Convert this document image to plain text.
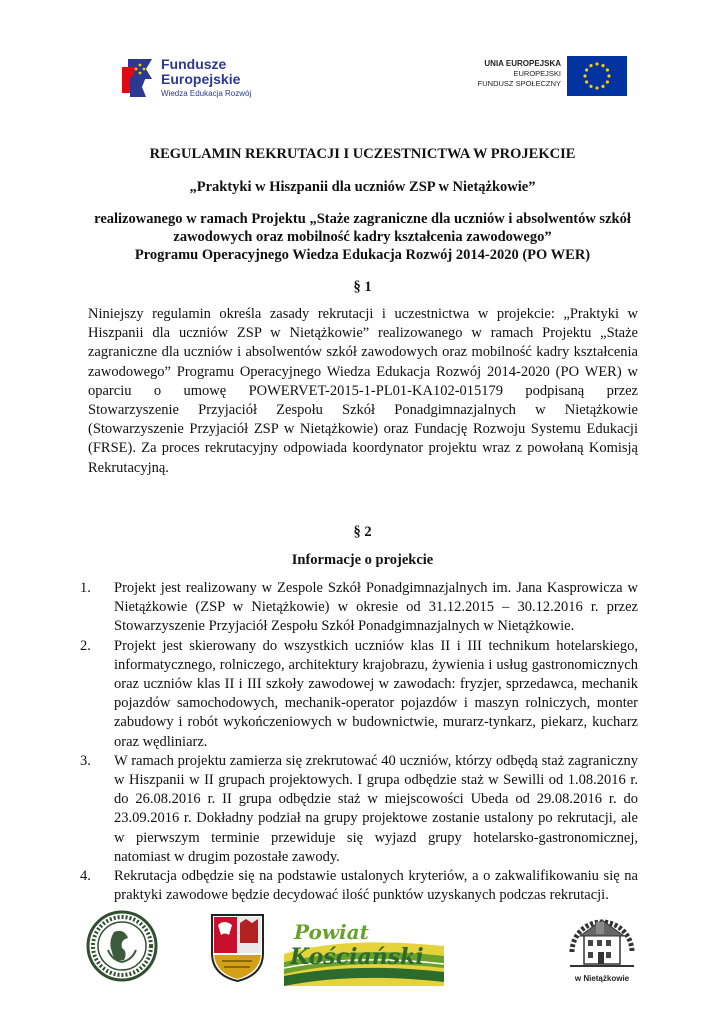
Fundusze
Europejskie
Wiedza Edukacja Rozwój
UNIA EUROPEJSKA
EUROPEJSKI
FUNDUSZ SPOŁECZNY
REGULAMIN REKRUTACJI I UCZESTNICTWA W PROJEKCIE
„Praktyki w Hiszpanii dla uczniów ZSP w Nietążkowie”
realizowanego w ramach Projektu „Staże zagraniczne dla uczniów i absolwentów szkół
zawodowych oraz mobilność kadry kształcenia zawodowego”
Programu Operacyjnego Wiedza Edukacja Rozwój 2014-2020 (PO WER)
§ 1

Niniejszy regulamin określa zasady rekrutacji i uczestnictwa w projekcie: „Praktyki w Hiszpanii dla uczniów ZSP w Nietążkowie” realizowanego w ramach Projektu „Staże zagraniczne dla uczniów i absolwentów szkół zawodowych oraz mobilność kadry kształcenia zawodowego” Programu Operacyjnego Wiedza Edukacja Rozwój 2014-2020 (PO WER) w oparciu o umowę POWERVET-2015-1-PL01-KA102-015179 podpisaną przez Stowarzyszenie Przyjaciół Zespołu Szkół Ponadgimnazjalnych w Nietążkowie (Stowarzyszenie Przyjaciół ZSP w Nietążkowie) oraz Fundację Rozwoju Systemu Edukacji (FRSE). Za proces rekrutacyjny odpowiada koordynator projektu wraz z powołaną Komisją Rekrutacyjną.

§ 2
Informacje o projekcie
1.	Projekt jest realizowany w Zespole Szkół Ponadgimnazjalnych im. Jana Kasprowicza w Nietążkowie (ZSP w Nietążkowie) w okresie od 31.12.2015 – 30.12.2016 r. przez Stowarzyszenie Przyjaciół Zespołu Szkół Ponadgimnazjalnych w Nietążkowie.
2.	Projekt jest skierowany do wszystkich uczniów klas II i III technikum hotelarskiego, informatycznego, rolniczego, architektury krajobrazu, żywienia i usług gastronomicznych oraz uczniów klas II i III szkoły zawodowej w zawodach: fryzjer, sprzedawca, mechanik pojazdów samochodowych, mechanik-operator pojazdów i maszyn rolniczych, monter zabudowy i robót wykończeniowych w budownictwie, murarz-tynkarz, piekarz, kucharz oraz wędliniarz.
3.	W ramach projektu zamierza się zrekrutować 40 uczniów, którzy odbędą staż zagraniczny w Hiszpanii w II grupach projektowych. I grupa odbędzie staż w Sewilli od 1.08.2016 r. do 26.08.2016 r. II grupa odbędzie staż w miejscowości Ubeda od 29.08.2016 r. do 23.09.2016 r. Dokładny podział na grupy projektowe zostanie ustalony po rekrutacji, ale w pierwszym terminie przewiduje się wyjazd grupy hotelarsko-gastronomicznej, natomiast w drugim pozostałe zawody.
4.	Rekrutacja odbędzie się na podstawie ustalonych kryteriów, a o zakwalifikowaniu się na praktyki zawodowe będzie decydować ilość punktów uzyskanych podczas rekrutacji.
Powiat
Kościański
w Nietążkowie
